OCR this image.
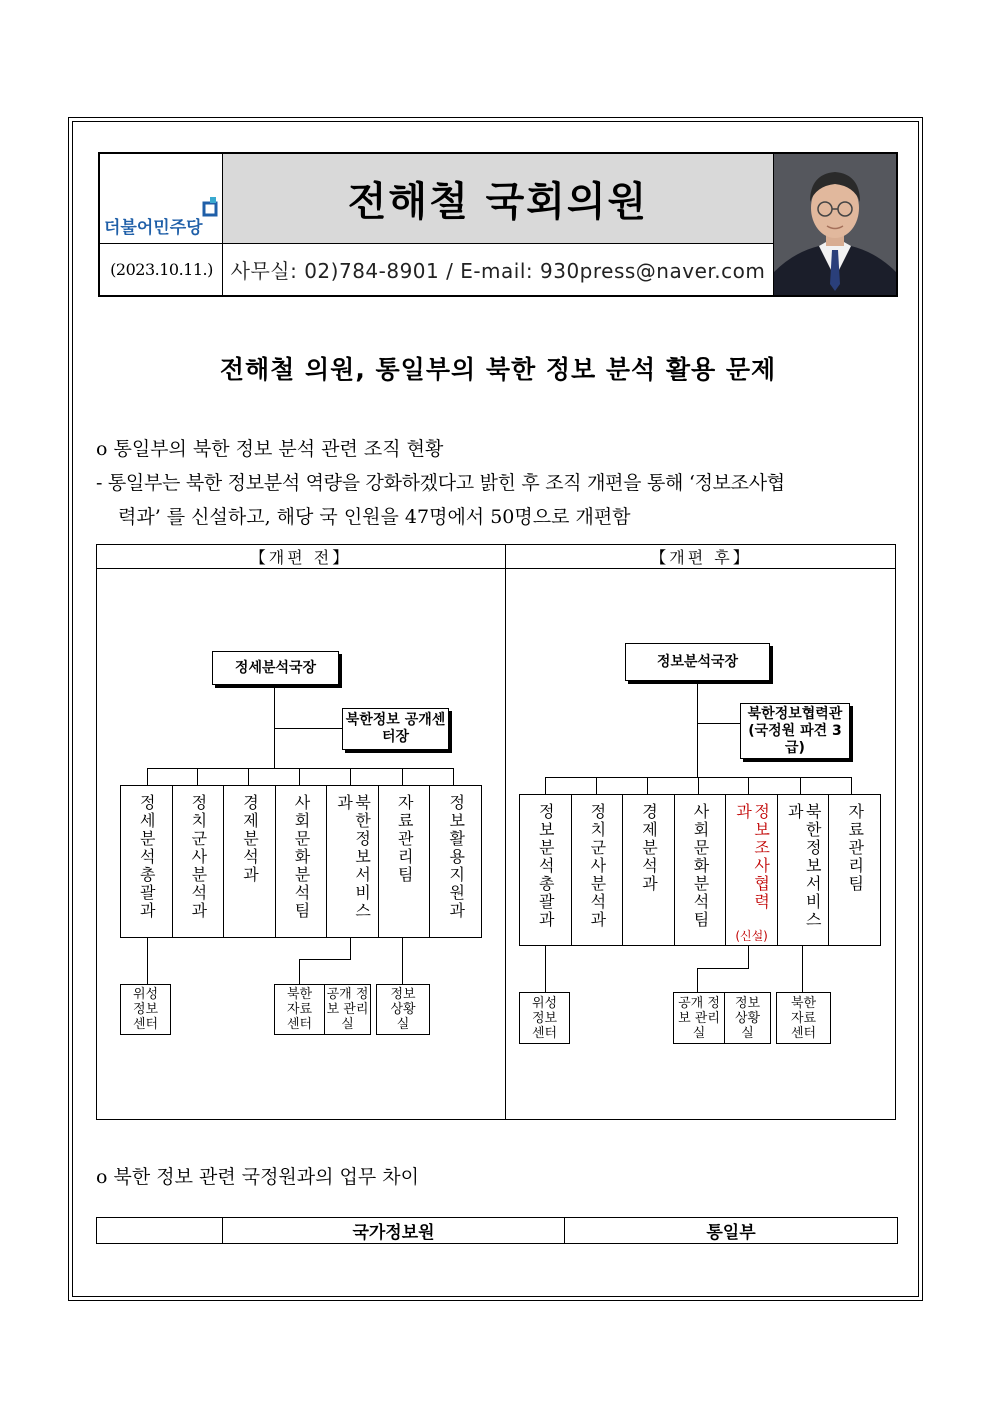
전해철 국회의원
사무실: 02)784-8901 / E-mail: 930press@naver.com
더불어민주당
(2023.10.11.)
전해철 의원, 통일부의 북한 정보 분석 활용 문제
o 통일부의 북한 정보 분석 관련 조직 현황
- 통일부는 북한 정보분석 역량을 강화하겠다고 밝힌 후 조직 개편을 통해 ‘정보조사협
력과’ 를 신설하고, 해당 국 인원을 47명에서 50명으로 개편함
【개편 전】	【개편 후】
정세분석국장
북한정보 공개센터장
정세분석총괄과 정치군사분석과 경제분석과 사회문화분석팀	북한정보서비스과	자료관리팀 정보활용지원과
위성 정보 센터
북한 자료 센터
공개 정보 관리실
정보 상황실
정보분석국장
북한정보협력관 (국정원 파견 3급)
정보분석총괄과 정치군사분석과 경제분석과 사회문화분석팀	정보조사협력과
(신설)
북한정보서비스과	자료관리팀
위성 정보 센터
공개 정보 관리실
정보 상황실
북한 자료 센터
o 북한 정보 관련 국정원과의 업무 차이
국가정보원	통일부
